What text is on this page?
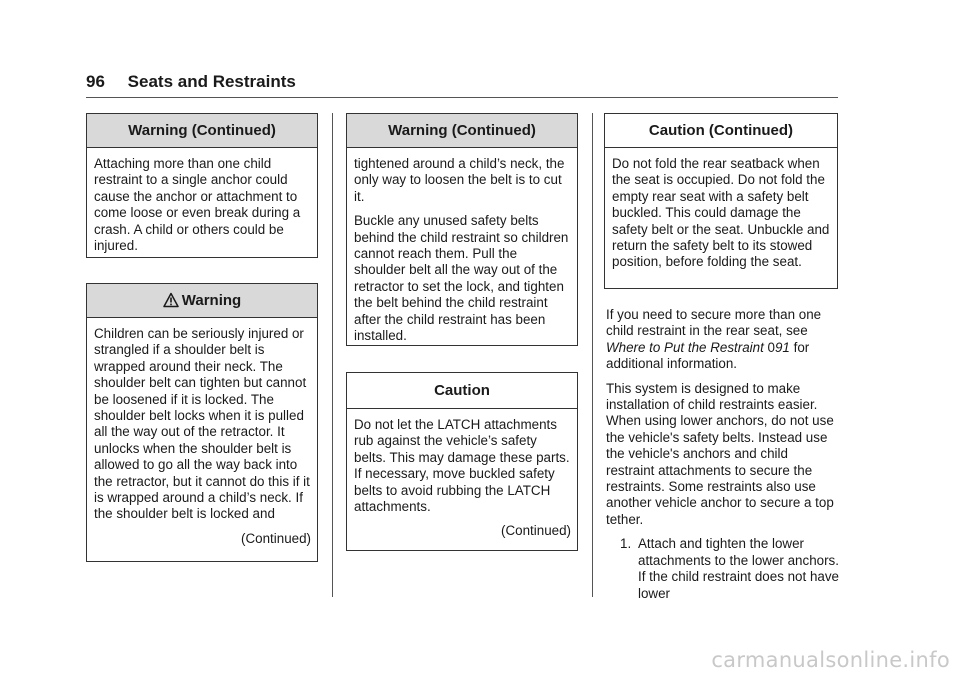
96 Seats and Restraints
Warning (Continued)

Attaching more than one child restraint to a single anchor could cause the anchor or attachment to come loose or even break during a crash. A child or others could be injured.

Warning

Children can be seriously injured or strangled if a shoulder belt is wrapped around their neck. The shoulder belt can tighten but cannot be loosened if it is locked. The shoulder belt locks when it is pulled all the way out of the retractor. It unlocks when the shoulder belt is allowed to go all the way back into the retractor, but it cannot do this if it is wrapped around a child’s neck. If the shoulder belt is locked and

(Continued)
Warning (Continued)

tightened around a child’s neck, the only way to loosen the belt is to cut it.

Buckle any unused safety belts behind the child restraint so children cannot reach them. Pull the shoulder belt all the way out of the retractor to set the lock, and tighten the belt behind the child restraint after the child restraint has been installed.

Caution

Do not let the LATCH attachments rub against the vehicle’s safety belts. This may damage these parts. If necessary, move buckled safety belts to avoid rubbing the LATCH attachments.

(Continued)
Caution (Continued)

Do not fold the rear seatback when the seat is occupied. Do not fold the empty rear seat with a safety belt buckled. This could damage the safety belt or the seat. Unbuckle and return the safety belt to its stowed position, before folding the seat.

If you need to secure more than one child restraint in the rear seat, see Where to Put the Restraint 091 for additional information.

This system is designed to make installation of child restraints easier. When using lower anchors, do not use the vehicle's safety belts. Instead use the vehicle's anchors and child restraint attachments to secure the restraints. Some restraints also use another vehicle anchor to secure a top tether.

1. Attach and tighten the lower attachments to the lower anchors. If the child restraint does not have lower
carmanualsonline.info
